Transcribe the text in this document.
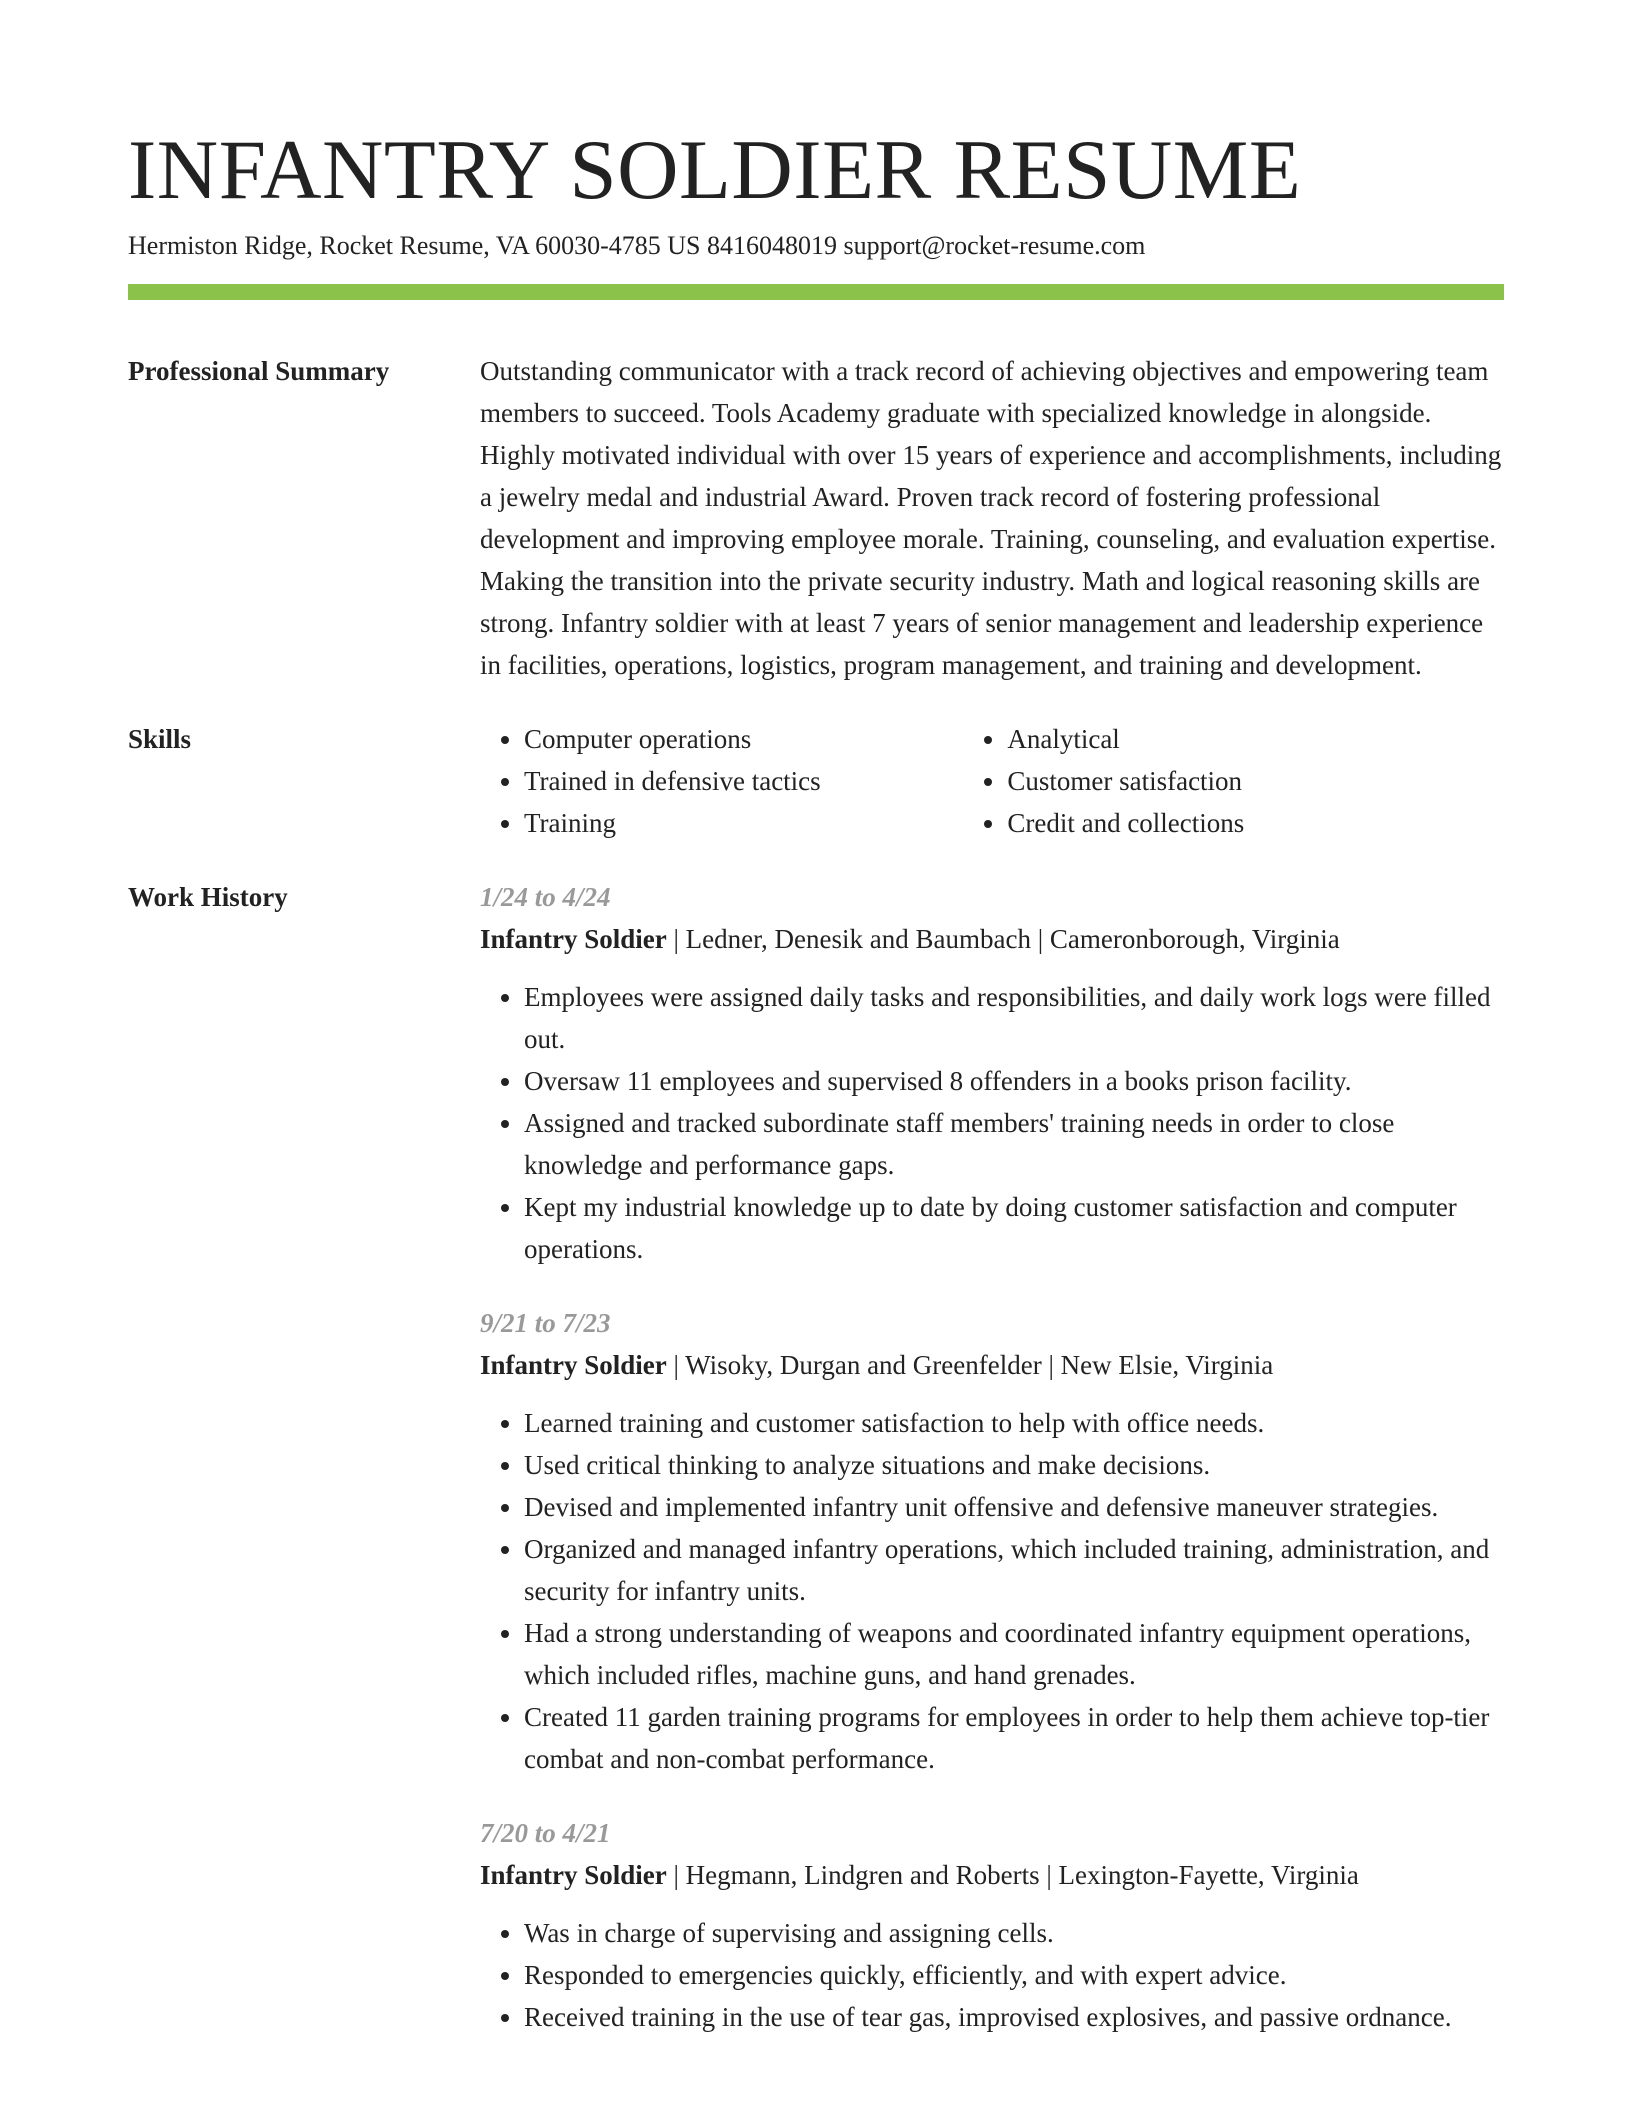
INFANTRY SOLDIER RESUME
Hermiston Ridge, Rocket Resume, VA 60030-4785 US 8416048019 support@rocket-resume.com
Professional Summary	Outstanding communicator with a track record of achieving objectives and empowering team members to succeed. Tools Academy graduate with specialized knowledge in alongside. Highly motivated individual with over 15 years of experience and accomplishments, including a jewelry medal and industrial Award. Proven track record of fostering professional development and improving employee morale. Training, counseling, and evaluation expertise. Making the transition into the private security industry. Math and logical reasoning skills are strong. Infantry soldier with at least 7 years of senior management and leadership experience in facilities, operations, logistics, program management, and training and development.

Skills
•	Computer operations
• Trained in defensive tactics
• Training
• Analytical
• Customer satisfaction
• Credit and collections
Work History	1/24 to 4/24
Infantry Soldier | Ledner, Denesik and Baumbach | Cameronborough, Virginia
• Employees were assigned daily tasks and responsibilities, and daily work logs were filled out.
• Oversaw 11 employees and supervised 8 offenders in a books prison facility.
• Assigned and tracked subordinate staff members' training needs in order to close knowledge and performance gaps.
• Kept my industrial knowledge up to date by doing customer satisfaction and computer operations.
9/21 to 7/23
Infantry Soldier | Wisoky, Durgan and Greenfelder | New Elsie, Virginia
• Learned training and customer satisfaction to help with office needs.
• Used critical thinking to analyze situations and make decisions.
• Devised and implemented infantry unit offensive and defensive maneuver strategies.
• Organized and managed infantry operations, which included training, administration, and security for infantry units.
• Had a strong understanding of weapons and coordinated infantry equipment operations, which included rifles, machine guns, and hand grenades.
• Created 11 garden training programs for employees in order to help them achieve top-tier combat and non-combat performance.
7/20 to 4/21
Infantry Soldier | Hegmann, Lindgren and Roberts | Lexington-Fayette, Virginia
• Was in charge of supervising and assigning cells.
• Responded to emergencies quickly, efficiently, and with expert advice.
• Received training in the use of tear gas, improvised explosives, and passive ordnance.
